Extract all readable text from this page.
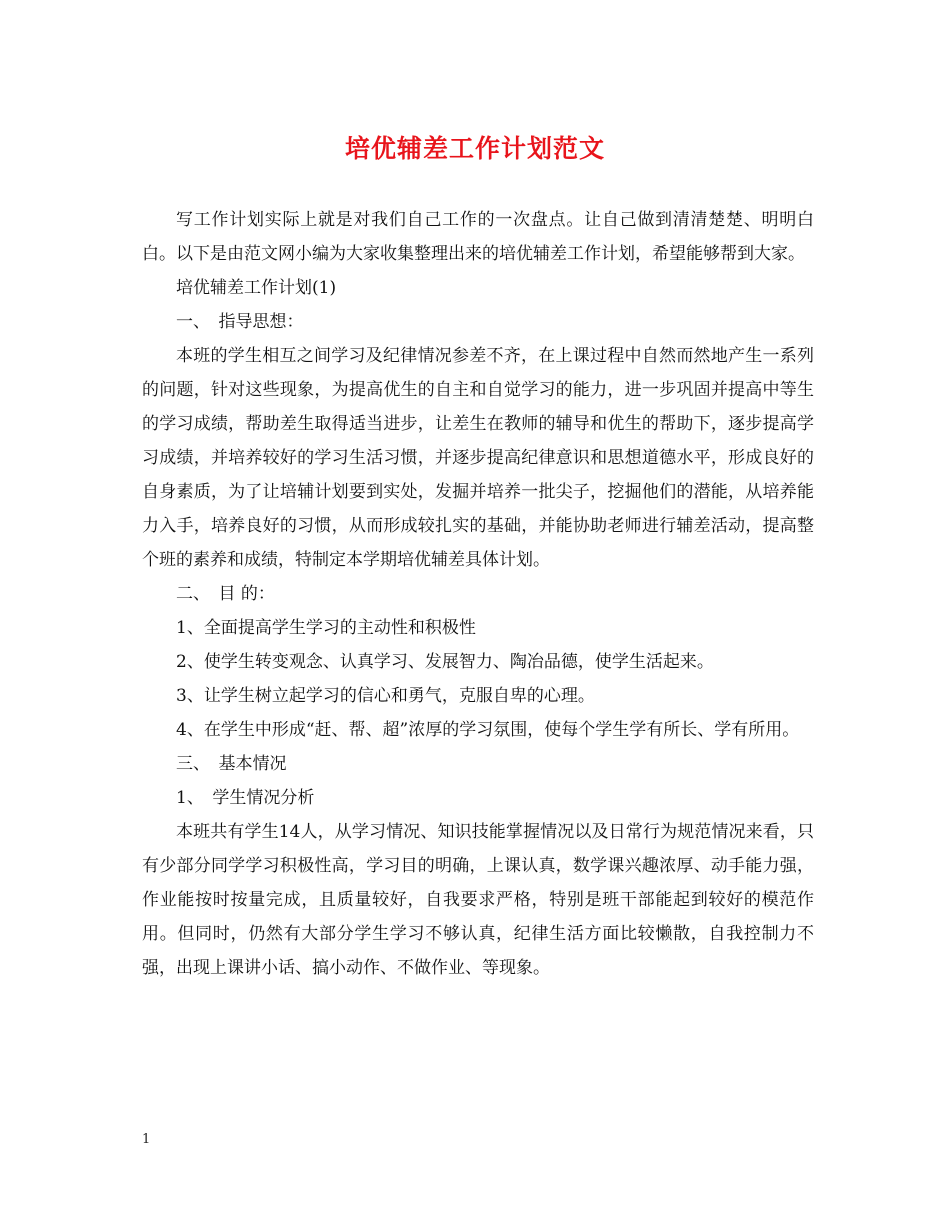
培优辅差工作计划范文

写工作计划实际上就是对我们自己工作的一次盘点。让自己做到清清楚楚、明明白白。以下是由范文网小编为大家收集整理出来的培优辅差工作计划，希望能够帮到大家。

培优辅差工作计划(1)

一、　指导思想：

本班的学生相互之间学习及纪律情况参差不齐，在上课过程中自然而然地产生一系列的问题，针对这些现象，为提高优生的自主和自觉学习的能力，进一步巩固并提高中等生的学习成绩，帮助差生取得适当进步，让差生在教师的辅导和优生的帮助下，逐步提高学习成绩，并培养较好的学习生活习惯，并逐步提高纪律意识和思想道德水平，形成良好的自身素质，为了让培辅计划要到实处，发掘并培养一批尖子，挖掘他们的潜能，从培养能力入手，培养良好的习惯，从而形成较扎实的基础，并能协助老师进行辅差活动，提高整个班的素养和成绩，特制定本学期培优辅差具体计划。

二、　目 的：

1、全面提高学生学习的主动性和积极性

2、使学生转变观念、认真学习、发展智力、陶冶品德，使学生活起来。

3、让学生树立起学习的信心和勇气，克服自卑的心理。

4、在学生中形成“赶、帮、超”浓厚的学习氛围，使每个学生学有所长、学有所用。

三、　基本情况

1、　学生情况分析

本班共有学生14人，从学习情况、知识技能掌握情况以及日常行为规范情况来看，只有少部分同学学习积极性高，学习目的明确，上课认真，数学课兴趣浓厚、动手能力强，作业能按时按量完成，且质量较好，自我要求严格，特别是班干部能起到较好的模范作用。但同时，仍然有大部分学生学习不够认真，纪律生活方面比较懒散，自我控制力不强，出现上课讲小话、搞小动作、不做作业、等现象。

1
